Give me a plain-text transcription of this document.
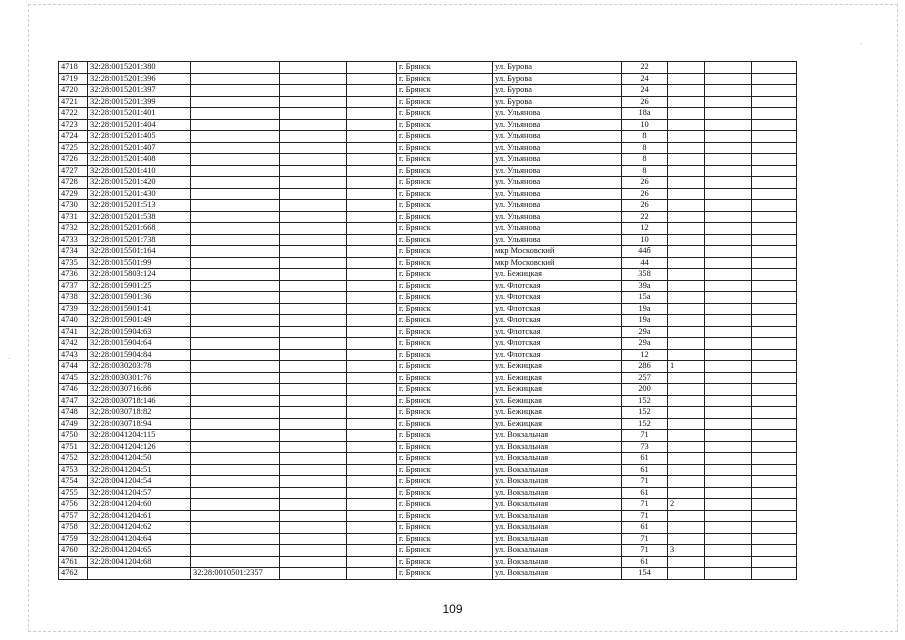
·
·
4718	32:28:0015201:380				г. Брянск	ул. Бурова	22			
4719	32:28:0015201:396				г. Брянск	ул. Бурова	24			
4720	32:28:0015201:397				г. Брянск	ул. Бурова	24			
4721	32:28:0015201:399				г. Брянск	ул. Бурова	26			
4722	32:28:0015201:401				г. Брянск	ул. Ульянова	18а			
4723	32:28:0015201:404				г. Брянск	ул. Ульянова	10			
4724	32:28:0015201:405				г. Брянск	ул. Ульянова	8			
4725	32:28:0015201:407				г. Брянск	ул. Ульянова	8			
4726	32:28:0015201:408				г. Брянск	ул. Ульянова	8			
4727	32:28:0015201:410				г. Брянск	ул. Ульянова	8			
4728	32:28:0015201:420				г. Брянск	ул. Ульянова	26			
4729	32:28:0015201:430				г. Брянск	ул. Ульянова	26			
4730	32:28:0015201:513				г. Брянск	ул. Ульянова	26			
4731	32:28:0015201:538				г. Брянск	ул. Ульянова	22			
4732	32:28:0015201:668				г. Брянск	ул. Ульянова	12			
4733	32:28:0015201:738				г. Брянск	ул. Ульянова	10			
4734	32:28:0015501:164				г. Брянск	мкр Московский	44б			
4735	32:28:0015501:99				г. Брянск	мкр Московский	44			
4736	32:28:0015803:124				г. Брянск	ул. Бежицкая	358			
4737	32:28:0015901:25				г. Брянск	ул. Флотская	39а			
4738	32:28:0015901:36				г. Брянск	ул. Флотская	15а			
4739	32:28:0015901:41				г. Брянск	ул. Флотская	19а			
4740	32:28:0015901:49				г. Брянск	ул. Флотская	19а			
4741	32:28:0015904:63				г. Брянск	ул. Флотская	29а			
4742	32:28:0015904:64				г. Брянск	ул. Флотская	29а			
4743	32:28:0015904:84				г. Брянск	ул. Флотская	12			
4744	32:28:0030203:78				г. Брянск	ул. Бежицкая	286	1		
4745	32:28:0030301:76				г. Брянск	ул. Бежицкая	257			
4746	32:28:0030716:86				г. Брянск	ул. Бежицкая	200			
4747	32:28:0030718:146				г. Брянск	ул. Бежицкая	152			
4748	32:28:0030718:82				г. Брянск	ул. Бежицкая	152			
4749	32:28:0030718:94				г. Брянск	ул. Бежицкая	152			
4750	32:28:0041204:115				г. Брянск	ул. Вокзальная	71			
4751	32:28:0041204:126				г. Брянск	ул. Вокзальная	73			
4752	32:28:0041204:50				г. Брянск	ул. Вокзальная	61			
4753	32:28:0041204:51				г. Брянск	ул. Вокзальная	61			
4754	32:28:0041204:54				г. Брянск	ул. Вокзальная	71			
4755	32:28:0041204:57				г. Брянск	ул. Вокзальная	61			
4756	32:28:0041204:60				г. Брянск	ул. Вокзальная	71	2		
4757	32:28:0041204:61				г. Брянск	ул. Вокзальная	71			
4758	32:28:0041204:62				г. Брянск	ул. Вокзальная	61			
4759	32:28:0041204:64				г. Брянск	ул. Вокзальная	71			
4760	32:28:0041204:65				г. Брянск	ул. Вокзальная	71	3		
4761	32:28:0041204:68				г. Брянск	ул. Вокзальная	61			
4762		32:28:0010501:2357			г. Брянск	ул. Вокзальная	154			
109
